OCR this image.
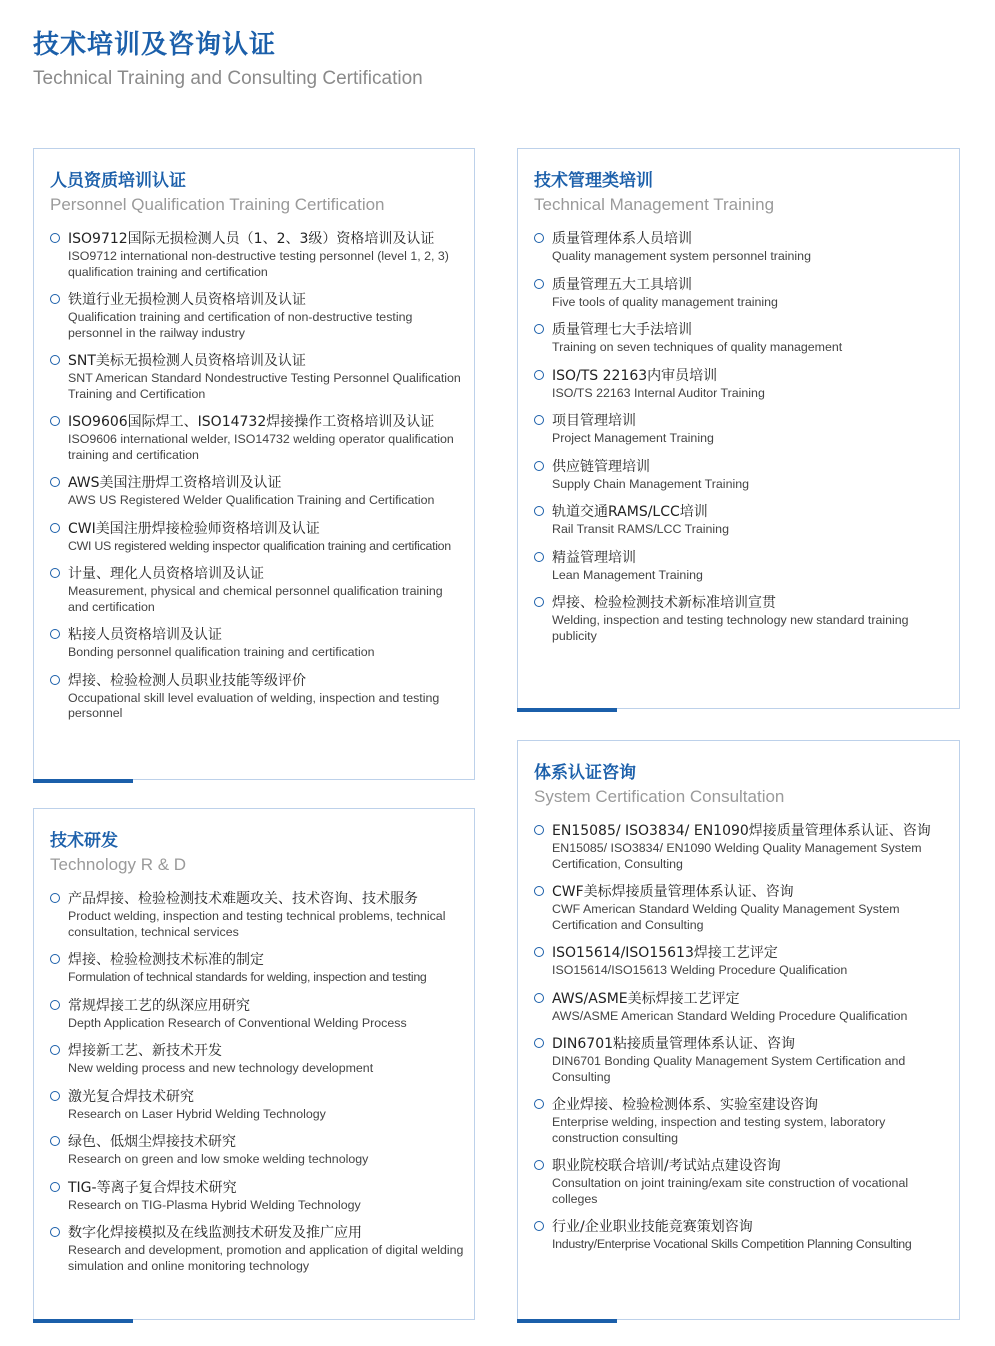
技术培训及咨询认证
Technical Training and Consulting Certification
人员资质培训认证
Personnel Qualification Training Certification
ISO9712国际无损检测人员（1、2、3级）资格培训及认证
ISO9712 international non-destructive testing personnel (level 1, 2, 3) qualification training and certification
铁道行业无损检测人员资格培训及认证
Qualification training and certification of non-destructive testing personnel in the railway industry
SNT美标无损检测人员资格培训及认证
SNT American Standard Nondestructive Testing Personnel Qualification Training and Certification
ISO9606国际焊工、ISO14732焊接操作工资格培训及认证
ISO9606 international welder, ISO14732 welding operator qualification training and certification
AWS美国注册焊工资格培训及认证
AWS US Registered Welder Qualification Training and Certification
CWI美国注册焊接检验师资格培训及认证
CWI US registered welding inspector qualification training and certification
计量、理化人员资格培训及认证
Measurement, physical and chemical personnel qualification training and certification
粘接人员资格培训及认证
Bonding personnel qualification training and certification
焊接、检验检测人员职业技能等级评价
Occupational skill level evaluation of welding, inspection and testing personnel
技术管理类培训
Technical Management Training
质量管理体系人员培训
Quality management system personnel training
质量管理五大工具培训
Five tools of quality management training
质量管理七大手法培训
Training on seven techniques of quality management
ISO/TS 22163内审员培训
ISO/TS 22163 Internal Auditor Training
项目管理培训
Project Management Training
供应链管理培训
Supply Chain Management Training
轨道交通RAMS/LCC培训
Rail Transit RAMS/LCC Training
精益管理培训
Lean Management Training
焊接、检验检测技术新标准培训宣贯
Welding, inspection and testing technology new standard training publicity
技术研发
Technology R & D
产品焊接、检验检测技术难题攻关、技术咨询、技术服务
Product welding, inspection and testing technical problems, technical consultation, technical services
焊接、检验检测技术标准的制定
Formulation of technical standards for welding, inspection and testing
常规焊接工艺的纵深应用研究
Depth Application Research of Conventional Welding Process
焊接新工艺、新技术开发
New welding process and new technology development
激光复合焊技术研究
Research on Laser Hybrid Welding Technology
绿色、低烟尘焊接技术研究
Research on green and low smoke welding technology
TIG-等离子复合焊技术研究
Research on TIG-Plasma Hybrid Welding Technology
数字化焊接模拟及在线监测技术研发及推广应用
Research and development, promotion and application of digital welding simulation and online monitoring technology
体系认证咨询
System Certification Consultation
EN15085/ ISO3834/ EN1090焊接质量管理体系认证、咨询
EN15085/ ISO3834/ EN1090 Welding Quality Management System Certification, Consulting
CWF美标焊接质量管理体系认证、咨询
CWF American Standard Welding Quality Management System Certification and Consulting
ISO15614/ISO15613焊接工艺评定
ISO15614/ISO15613 Welding Procedure Qualification
AWS/ASME美标焊接工艺评定
AWS/ASME American Standard Welding Procedure Qualification
DIN6701粘接质量管理体系认证、咨询
DIN6701 Bonding Quality Management System Certification and Consulting
企业焊接、检验检测体系、实验室建设咨询
Enterprise welding, inspection and testing system, laboratory construction consulting
职业院校联合培训/考试站点建设咨询
Consultation on joint training/exam site construction of vocational colleges
行业/企业职业技能竞赛策划咨询
Industry/Enterprise Vocational Skills Competition Planning Consulting
